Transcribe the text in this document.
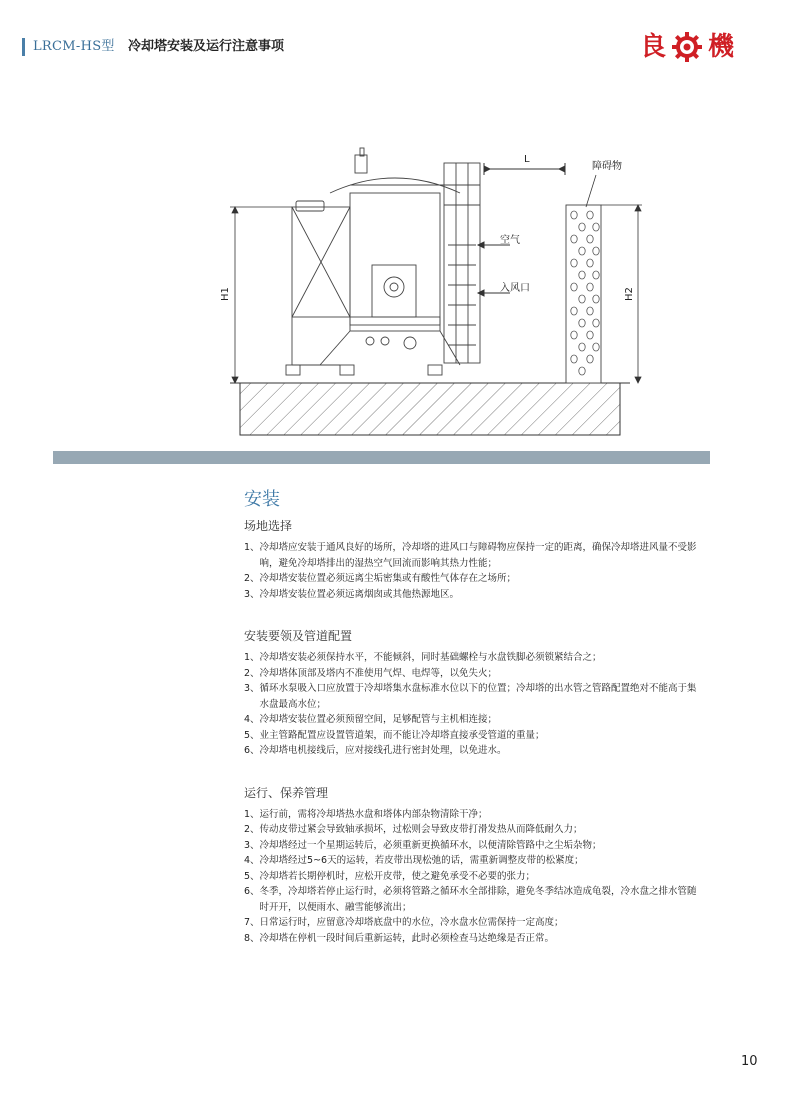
LRCM-HS型 冷却塔安装及运行注意事项	良 機
L
空气
入风口
障碍物
H1	H2
安装
场地选择
1、 冷却塔应安装于通风良好的场所，冷却塔的进风口与障碍物应保持一定的距离，确保冷却塔进风量不受影响，避免冷却塔排出的湿热空气回流而影响其热力性能；
2、 冷却塔安装位置必须远离尘垢密集或有酸性气体存在之场所；
3、 冷却塔安装位置必须远离烟囱或其他热源地区。
安装要领及管道配置
1、 冷却塔安装必须保持水平，不能倾斜，同时基础螺栓与水盘铁脚必须锁紧结合之；
2、 冷却塔体顶部及塔内不准使用气焊、电焊等，以免失火；
3、 循环水泵吸入口应放置于冷却塔集水盘标准水位以下的位置；冷却塔的出水管之管路配置绝对不能高于集水盘最高水位；
4、 冷却塔安装位置必须预留空间，足够配管与主机相连接；
5、 业主管路配置应设置管道架，而不能让冷却塔直接承受管道的重量；
6、 冷却塔电机接线后，应对接线孔进行密封处理，以免进水。
运行、保养管理
1、 运行前，需将冷却塔热水盘和塔体内部杂物清除干净；
2、 传动皮带过紧会导致轴承损坏，过松则会导致皮带打滑发热从而降低耐久力；
3、 冷却塔经过一个星期运转后，必须重新更换循环水，以便清除管路中之尘垢杂物；
4、 冷却塔经过5~6天的运转，若皮带出现松弛的话，需重新调整皮带的松紧度；
5、 冷却塔若长期停机时，应松开皮带，使之避免承受不必要的张力；
6、 冬季，冷却塔若停止运行时，必须将管路之循环水全部排除，避免冬季结冰造成龟裂，冷水盘之排水管随时开开，以便雨水、融雪能够流出；
7、 日常运行时，应留意冷却塔底盘中的水位，冷水盘水位需保持一定高度；
8、 冷却塔在停机一段时间后重新运转，此时必须检查马达绝缘是否正常。
10
